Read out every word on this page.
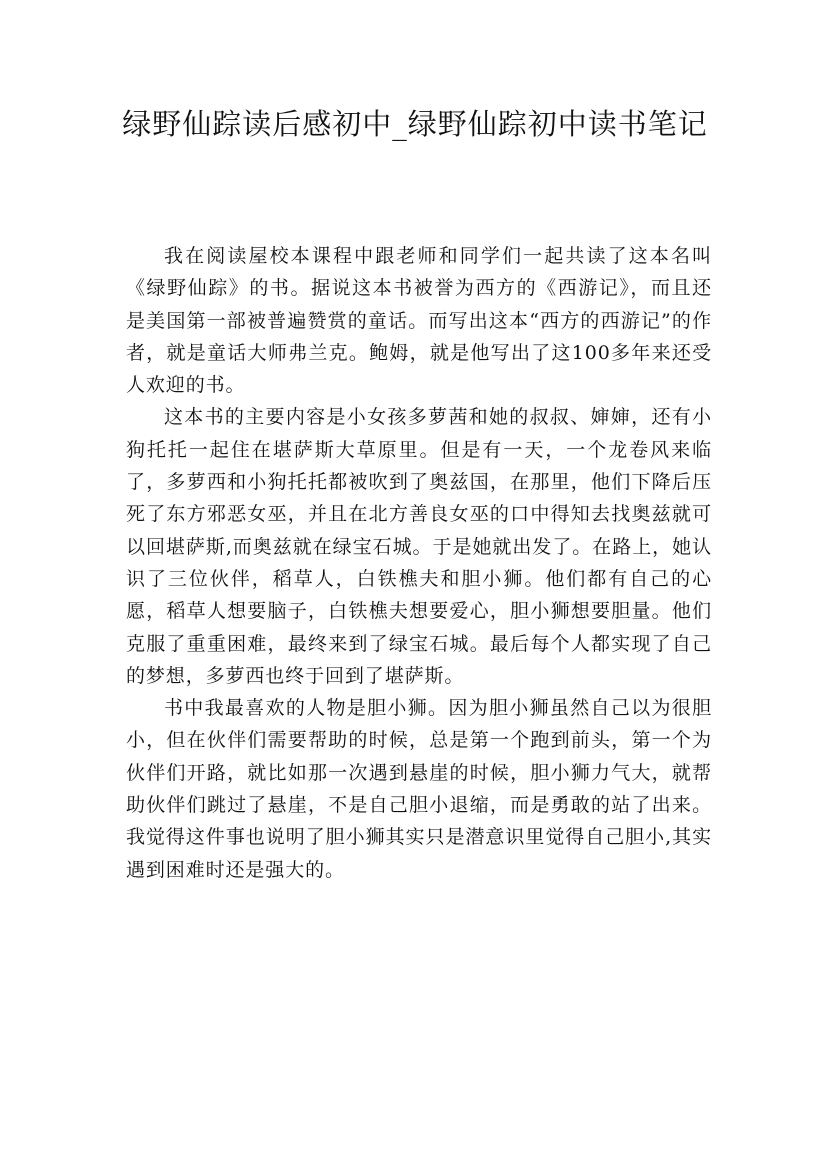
绿野仙踪读后感初中_绿野仙踪初中读书笔记

我在阅读屋校本课程中跟老师和同学们一起共读了这本名叫《绿野仙踪》的书。据说这本书被誉为西方的《西游记》，而且还是美国第一部被普遍赞赏的童话。而写出这本“西方的西游记”的作者，就是童话大师弗兰克。鲍姆，就是他写出了这100多年来还受人欢迎的书。

这本书的主要内容是小女孩多萝茜和她的叔叔、婶婶，还有小狗托托一起住在堪萨斯大草原里。但是有一天，一个龙卷风来临了，多萝西和小狗托托都被吹到了奥兹国，在那里，他们下降后压死了东方邪恶女巫，并且在北方善良女巫的口中得知去找奥兹就可以回堪萨斯,而奥兹就在绿宝石城。于是她就出发了。在路上，她认识了三位伙伴，稻草人，白铁樵夫和胆小狮。他们都有自己的心愿，稻草人想要脑子，白铁樵夫想要爱心，胆小狮想要胆量。他们克服了重重困难，最终来到了绿宝石城。最后每个人都实现了自己的梦想，多萝西也终于回到了堪萨斯。

书中我最喜欢的人物是胆小狮。因为胆小狮虽然自己以为很胆小，但在伙伴们需要帮助的时候，总是第一个跑到前头，第一个为伙伴们开路，就比如那一次遇到悬崖的时候，胆小狮力气大，就帮助伙伴们跳过了悬崖，不是自己胆小退缩，而是勇敢的站了出来。我觉得这件事也说明了胆小狮其实只是潜意识里觉得自己胆小,其实遇到困难时还是强大的。
